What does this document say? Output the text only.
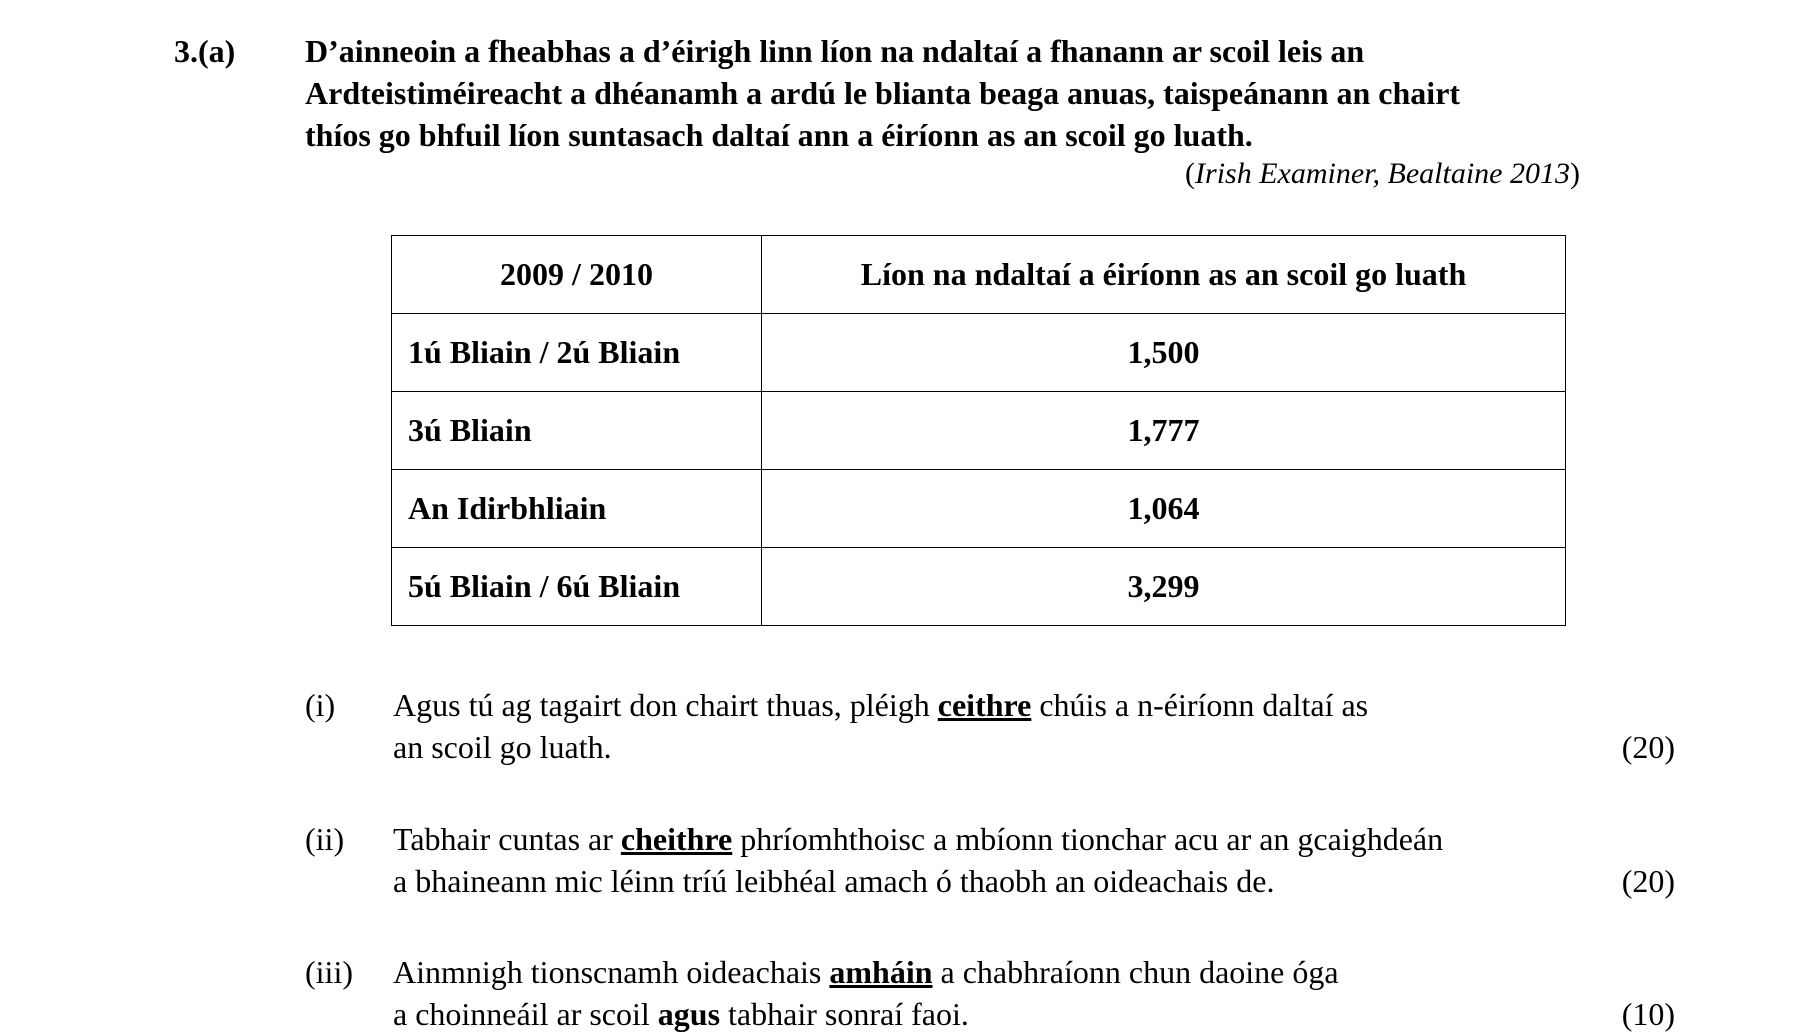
3.(a) D’ainneoin a fheabhas a d’éirigh linn líon na ndaltaí a fhanann ar scoil leis an
Ardteistiméireacht a dhéanamh a ardú le blianta beaga anuas, taispeánann an chairt
thíos go bhfuil líon suntasach daltaí ann a éiríonn as an scoil go luath.
(Irish Examiner, Bealtaine 2013)
2009 / 2010	Líon na ndaltaí a éiríonn as an scoil go luath
1ú Bliain / 2ú Bliain	1,500
3ú Bliain	1,777
An Idirbhliain	1,064
5ú Bliain / 6ú Bliain	3,299
(i) Agus tú ag tagairt don chairt thuas, pléigh ceithre chúis a n-éiríonn daltaí as
an scoil go luath.	(20)
(ii) Tabhair cuntas ar cheithre phríomhthoisc a mbíonn tionchar acu ar an gcaighdeán
a bhaineann mic léinn tríú leibhéal amach ó thaobh an oideachais de.	(20)
(iii) Ainmnigh tionscnamh oideachais amháin a chabhraíonn chun daoine óga
a choinneáil ar scoil agus tabhair sonraí faoi.	(10)
